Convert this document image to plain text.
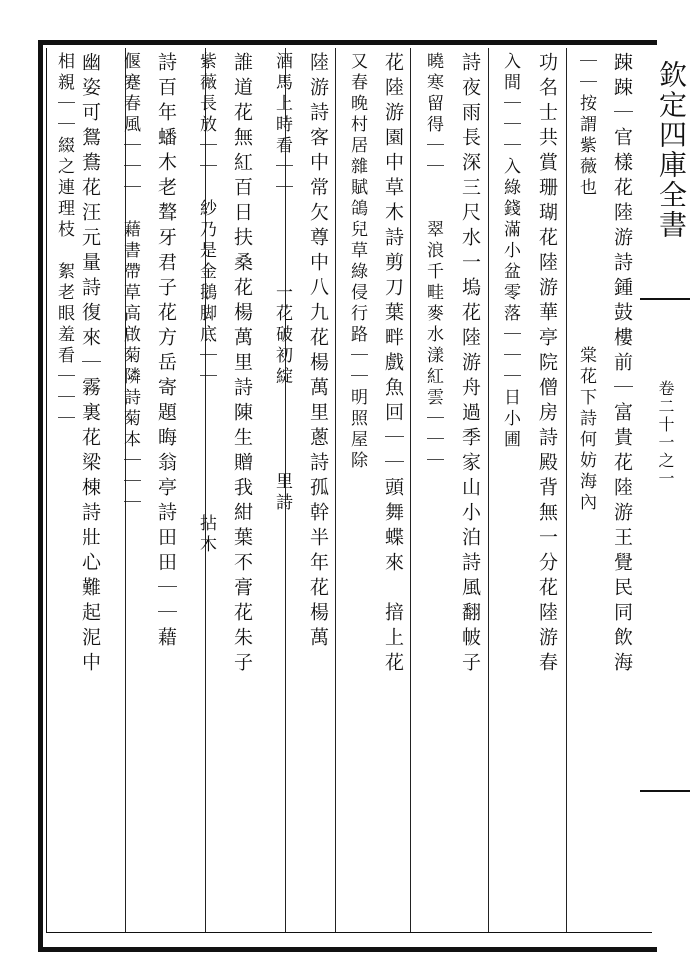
欽定四庫全書
卷二十一之一
踈踈｜官樣花陸游詩鍾鼓樓前｜富貴花陸游王覺民同飲海
｜｜按謂紫薇也　　　　　　　棠花下詩何妨海內
功名士共賞珊瑚花陸游華亭院僧房詩殿背無一分花陸游春
入間｜｜｜入綠錢滿小盆零落｜｜｜日小圃
詩夜雨長深三尺水一塢花陸游舟過季家山小泊詩風翻帔子
曉寒留得｜｜　　翠浪千畦麥水漾紅雲｜｜｜
花陸游園中草木詩剪刀葉畔戲魚回｜｜頭舞蝶來　揞上花
又春晚村居雜賦鴿兒草綠侵行路｜｜明照屋除
陸游詩客中常欠尊中八九花楊萬里蔥詩孤幹半年花楊萬
酒馬上時看｜｜　　　　一花破初綻　　　　里詩
誰道花無紅百日扶桑花楊萬里詩陳生贈我紺葉不膏花朱子
紫薇長放｜｜　紗乃是金鵝脚底｜｜　　　　　　拈木
詩百年蟠木老聱牙君子花方岳寄題晦翁亭詩田田｜｜藉
偃蹇春風｜｜｜　藉書帶草高啟菊隣詩菊本｜｜｜
幽姿可鴛鴦花汪元量詩復來｜霧裏花梁棟詩壯心難起泥中
相親｜｜綴之連理枝　絮老眼羞看｜｜｜
